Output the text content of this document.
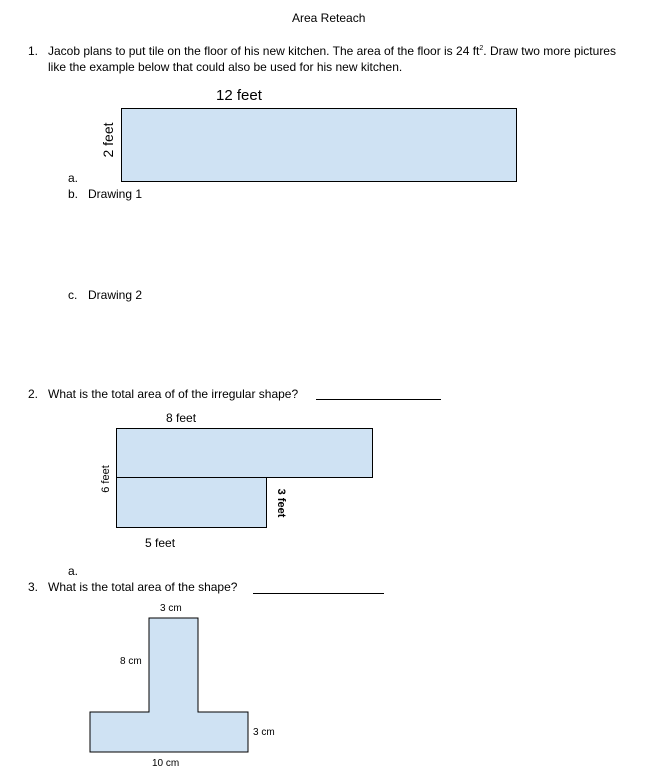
Area Reteach
1. Jacob plans to put tile on the floor of his new kitchen. The area of the floor is 24 $ft^2$. Draw two more pictures
like the example below that could also be used for his new kitchen.
12 feet
2 feet
a.
b. Drawing 1
c. Drawing 2
2. What is the total area of of the irregular shape?
8 feet
6 feet
3 feet
5 feet
a.
3. What is the total area of the shape?
3 cm
8 cm
3 cm
10 cm
